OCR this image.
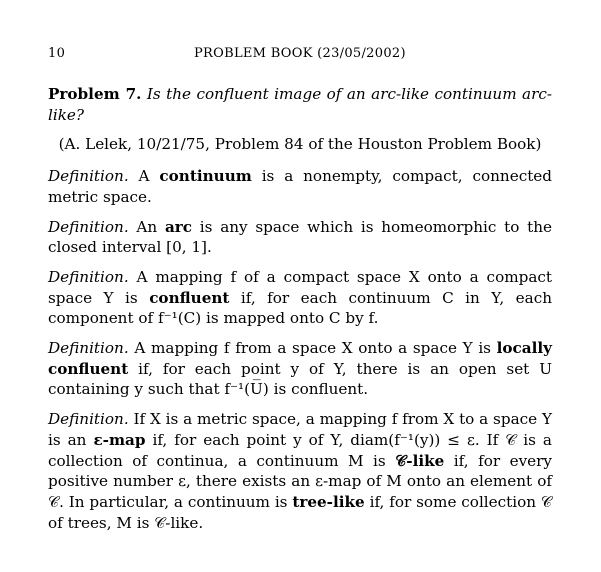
10	PROBLEM BOOK (23/05/2002)

Problem 7. Is the confluent image of an arc-like continuum arc-like?

(A. Lelek, 10/21/75, Problem 84 of the Houston Problem Book)

Definition. A continuum is a nonempty, compact, connected metric space.

Definition. An arc is any space which is homeomorphic to the closed interval [0, 1].

Definition. A mapping f of a compact space X onto a compact space Y is confluent if, for each continuum C in Y, each component of f⁻¹(C) is mapped onto C by f.

Definition. A mapping f from a space X onto a space Y is locally confluent if, for each point y of Y, there is an open set U containing y such that f⁻¹(U̅) is confluent.

Definition. If X is a metric space, a mapping f from X to a space Y is an ε-map if, for each point y of Y, diam(f⁻¹(y)) ≤ ε. If 𝒞 is a collection of continua, a continuum M is 𝒞-like if, for every positive number ε, there exists an ε-map of M onto an element of 𝒞. In particular, a continuum is tree-like if, for some collection 𝒞 of trees, M is 𝒞-like.
